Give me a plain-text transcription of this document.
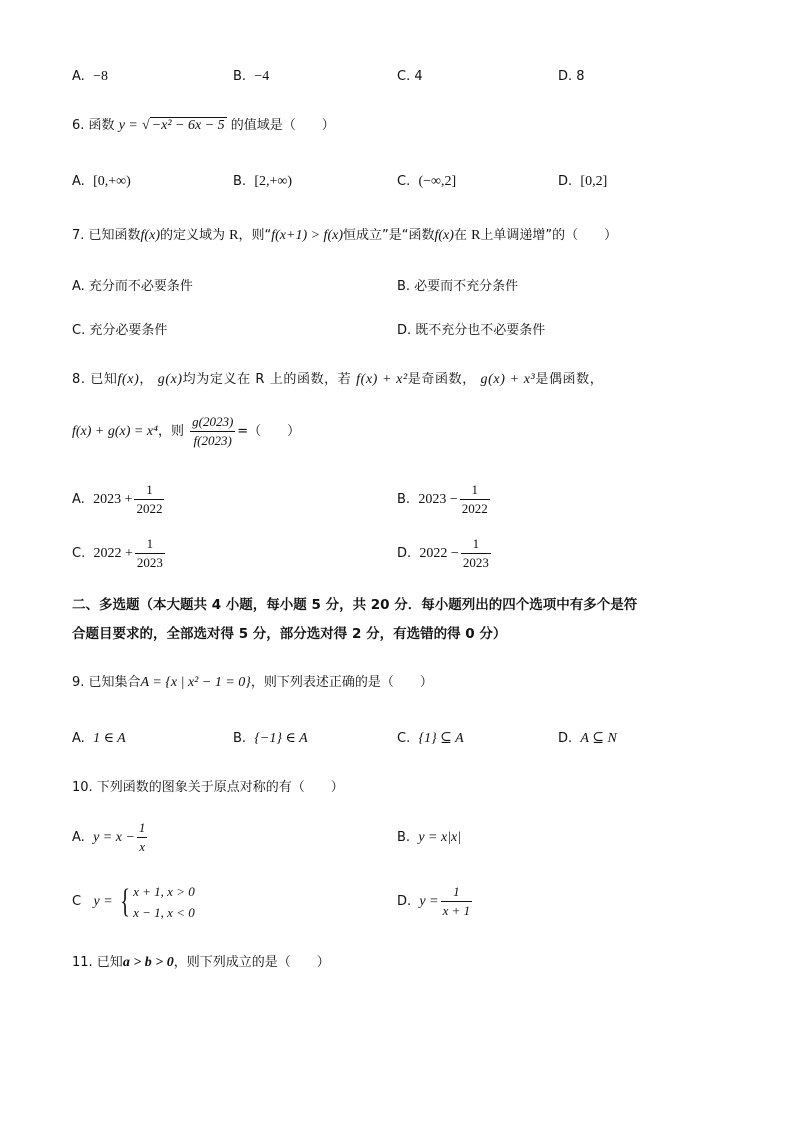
A. −8	B. −4	C. 4	D. 8
6. 函数 y = √ −x² − 6x − 5 的值域是（　　）
A. [0,+∞)	B. [2,+∞)	C. (−∞,2]	D. [0,2]
7. 已知函数f(x)的定义域为 R，则“f(x+1) > f(x)恒成立”是“函数f(x)在 R上单调递增”的（　　）
A. 充分而不必要条件	B. 必要而不充分条件
C. 充分必要条件	D. 既不充分也不必要条件
8. 已知f(x)， g(x)均为定义在 R 上的函数，若 f(x) + x²是奇函数， g(x) + x³是偶函数，
f(x) + g(x) = x⁴，则 $\frac{g(2023)}{f(2023)}$ =（　　）
A. $2023 + \frac{1}{2022}$	B. $2023 - \frac{1}{2022}$
C. $2022 + \frac{1}{2023}$	D. $2022 - \frac{1}{2023}$
二、多选题（本大题共 4 小题，每小题 5 分，共 20 分．每小题列出的四个选项中有多个是符
合题目要求的，全部选对得 5 分，部分选对得 2 分，有选错的得 0 分）
9. 已知集合A = {x | x² − 1 = 0}，则下列表述正确的是（　　）
A. 1 ∈ A	B. {−1} ∈ A	C. {1} ⊆ A	D. A ⊆ N
10. 下列函数的图象关于原点对称的有（　　）
A. $y = x - \frac{1}{x}$	B. y = x|x|
C y = { x + 1, x > 0
x − 1, x < 0
D. $y = \frac{1}{x + 1}$
11. 已知a > b > 0，则下列成立的是（　　）
